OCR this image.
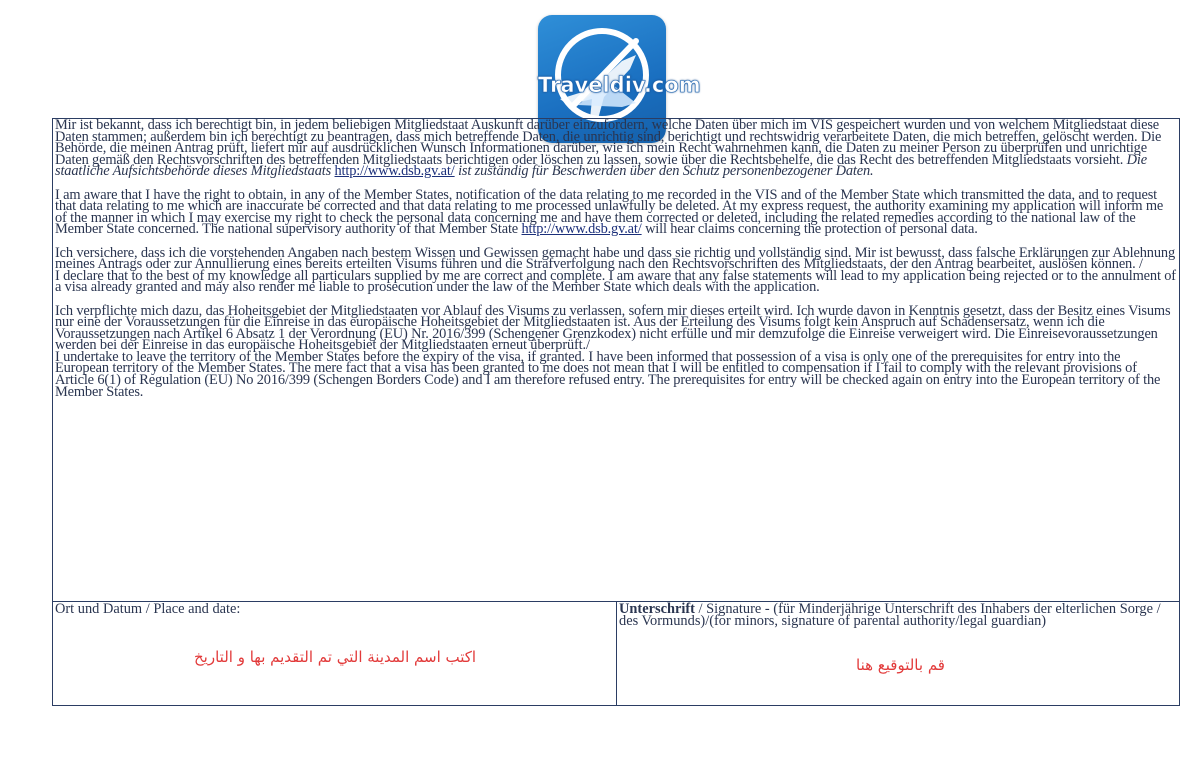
Traveldiv.com

Mir ist bekannt, dass ich berechtigt bin, in jedem beliebigen Mitgliedstaat Auskunft darüber einzufordern, welche Daten über mich im VIS gespeichert wurden und von welchem Mitgliedstaat diese Daten stammen; außerdem bin ich berechtigt zu beantragen, dass mich betreffende Daten, die unrichtig sind, berichtigt und rechtswidrig verarbeitete Daten, die mich betreffen, gelöscht werden. Die Behörde, die meinen Antrag prüft, liefert mir auf ausdrücklichen Wunsch Informationen darüber, wie ich mein Recht wahrnehmen kann, die Daten zu meiner Person zu überprüfen und unrichtige Daten gemäß den Rechtsvorschriften des betreffenden Mitgliedstaats berichtigen oder löschen zu lassen, sowie über die Rechtsbehelfe, die das Recht des betreffenden Mitgliedstaats vorsieht. Die staatliche Aufsichtsbehörde dieses Mitgliedstaats http://www.dsb.gv.at/ ist zuständig für Beschwerden über den Schutz personenbezogener Daten.

I am aware that I have the right to obtain, in any of the Member States, notification of the data relating to me recorded in the VIS and of the Member State which transmitted the data, and to request that data relating to me which are inaccurate be corrected and that data relating to me processed unlawfully be deleted. At my express request, the authority examining my application will inform me of the manner in which I may exercise my right to check the personal data concerning me and have them corrected or deleted, including the related remedies according to the national law of the Member State concerned. The national supervisory authority of that Member State http://www.dsb.gv.at/ will hear claims concerning the protection of personal data.

Ich versichere, dass ich die vorstehenden Angaben nach bestem Wissen und Gewissen gemacht habe und dass sie richtig und vollständig sind. Mir ist bewusst, dass falsche Erklärungen zur Ablehnung meines Antrags oder zur Annullierung eines bereits erteilten Visums führen und die Strafverfolgung nach den Rechtsvorschriften des Mitgliedstaats, der den Antrag bearbeitet, auslösen können. /

I declare that to the best of my knowledge all particulars supplied by me are correct and complete. I am aware that any false statements will lead to my application being rejected or to the annulment of a visa already granted and may also render me liable to prosecution under the law of the Member State which deals with the application.

Ich verpflichte mich dazu, das Hoheitsgebiet der Mitgliedstaaten vor Ablauf des Visums zu verlassen, sofern mir dieses erteilt wird. Ich wurde davon in Kenntnis gesetzt, dass der Besitz eines Visums nur eine der Voraussetzungen für die Einreise in das europäische Hoheitsgebiet der Mitgliedstaaten ist. Aus der Erteilung des Visums folgt kein Anspruch auf Schadensersatz, wenn ich die Voraussetzungen nach Artikel 6 Absatz 1 der Verordnung (EU) Nr. 2016/399 (Schengener Grenzkodex) nicht erfülle und mir demzufolge die Einreise verweigert wird. Die Einreisevoraussetzungen werden bei der Einreise in das europäische Hoheitsgebiet der Mitgliedstaaten erneut überprüft./

I undertake to leave the territory of the Member States before the expiry of the visa, if granted. I have been informed that possession of a visa is only one of the prerequisites for entry into the European territory of the Member States. The mere fact that a visa has been granted to me does not mean that I will be entitled to compensation if I fail to comply with the relevant provisions of Article 6(1) of Regulation (EU) No 2016/399 (Schengen Borders Code) and I am therefore refused entry. The prerequisites for entry will be checked again on entry into the European territory of the Member States.

Ort und Datum / Place and date:	Unterschrift / Signature - (für Minderjährige Unterschrift des Inhabers der elterlichen Sorge / des Vormunds)/(for minors, signature of parental authority/legal guardian)
اكتب اسم المدينة التي تم التقديم بها و التاريخ	قم بالتوقيع هنا
